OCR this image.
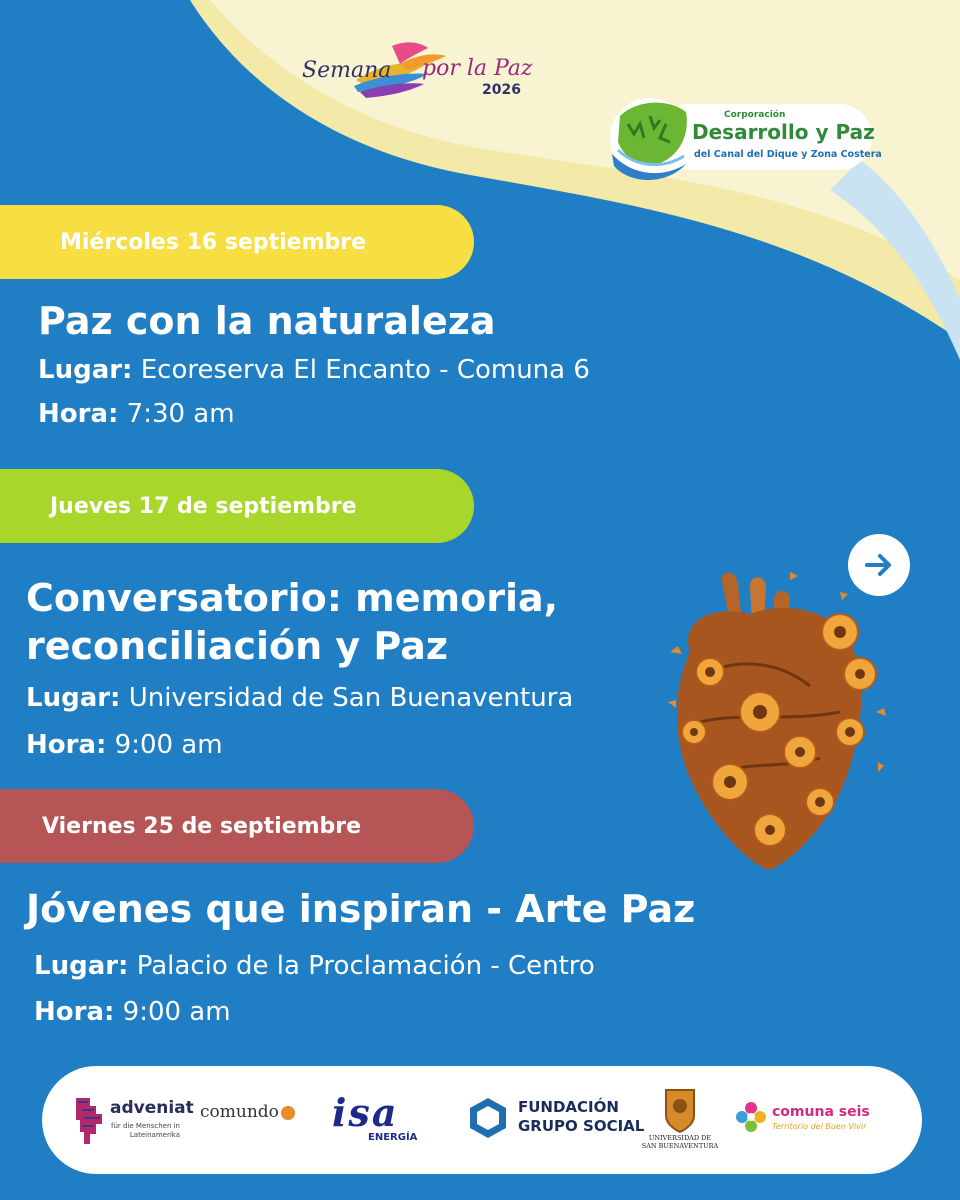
Semana por la Paz
2026
Corporación
Desarrollo y Paz
del Canal del Dique y Zona Costera
Miércoles 16 septiembre
Paz con la naturaleza
Lugar: Ecoreserva El Encanto - Comuna 6
Hora: 7:30 am
Jueves 17 de septiembre
Conversatorio: memoria,
reconciliación y Paz
Lugar: Universidad de San Buenaventura
Hora: 9:00 am
Viernes 25 de septiembre
Jóvenes que inspiran - Arte Paz
Lugar: Palacio de la Proclamación - Centro
Hora: 9:00 am
adveniat
für die Menschen in Lateinamerika
comundo	isa
ENERGÍA
FUNDACIÓN
GRUPO SOCIAL
UNIVERSIDAD DE
SAN BUENAVENTURA
comuna seis
Territorio del Buen Vivir
